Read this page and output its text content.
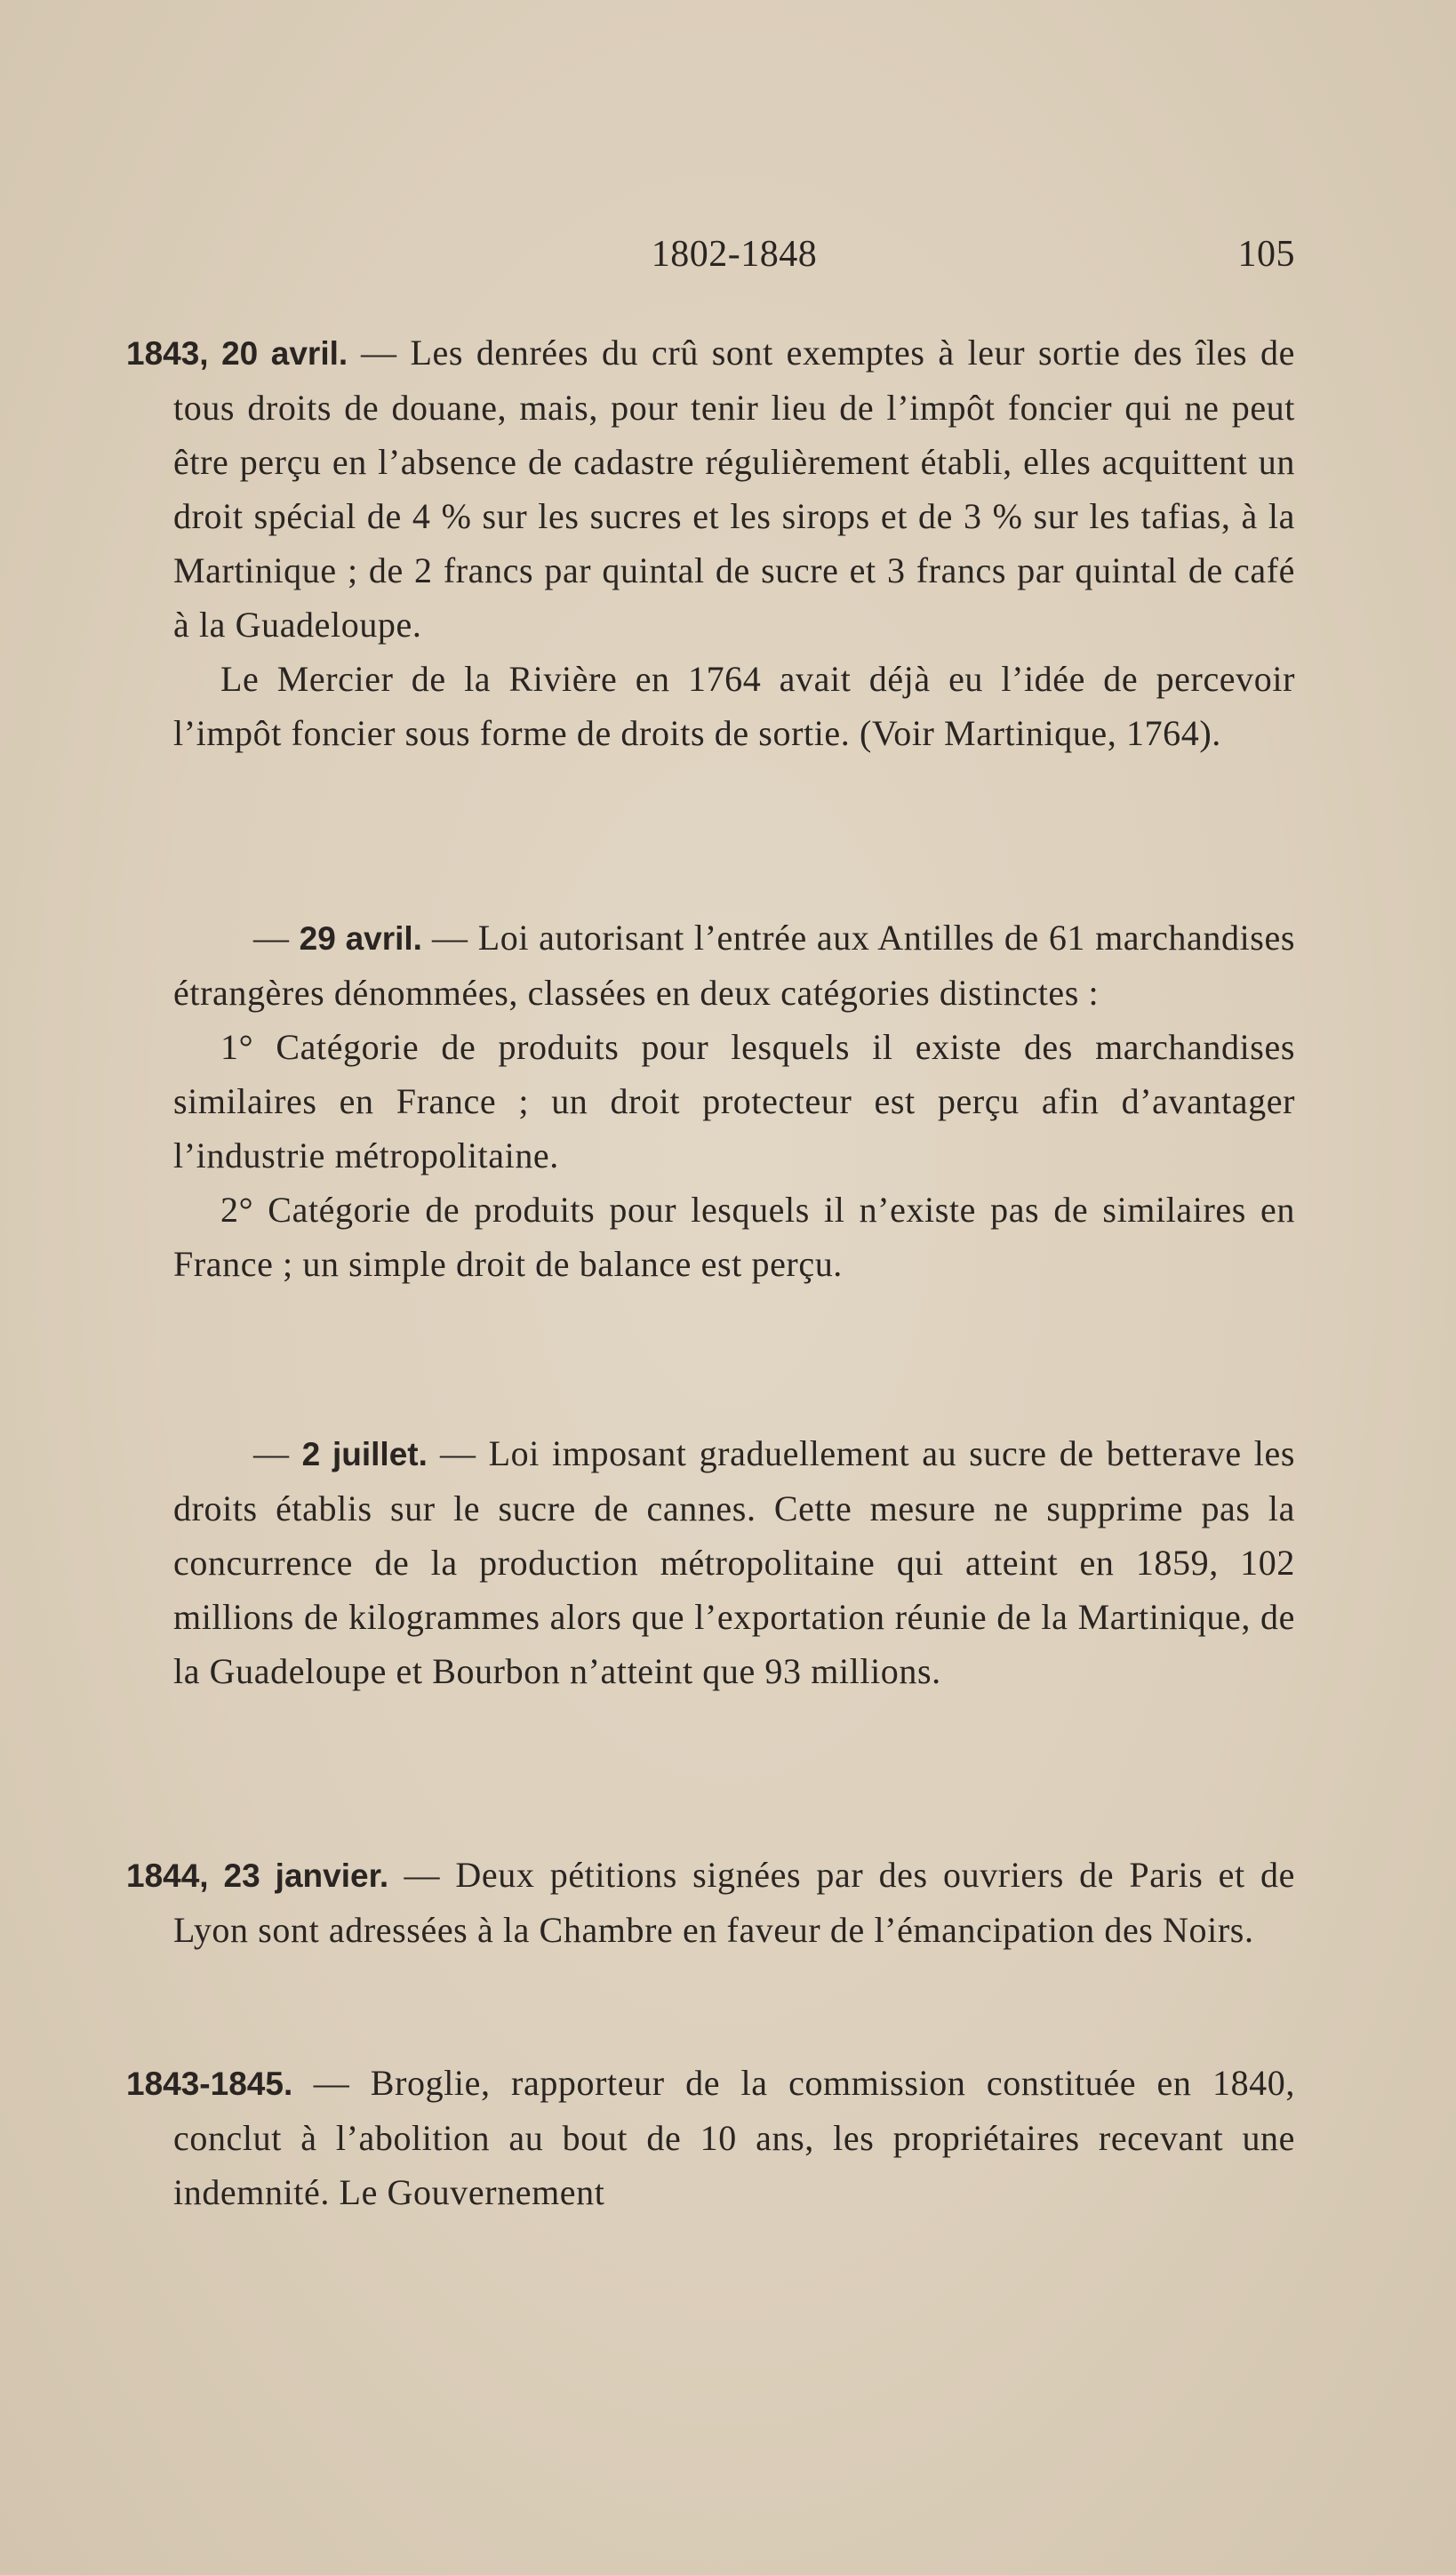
1802-1848	105

1843, 20 avril. — Les denrées du crû sont exemptes à leur sortie des îles de tous droits de douane, mais, pour tenir lieu de l’impôt foncier qui ne peut être perçu en l’absence de cadastre régulièrement établi, elles acquittent un droit spécial de 4 % sur les sucres et les sirops et de 3 % sur les tafias, à la Martinique ; de 2 francs par quintal de sucre et 3 francs par quintal de café à la Guadeloupe.

Le Mercier de la Rivière en 1764 avait déjà eu l’idée de percevoir l’impôt foncier sous forme de droits de sortie. (Voir Martinique, 1764).

— 29 avril. — Loi autorisant l’entrée aux Antilles de 61 marchandises étrangères dénommées, classées en deux catégories distinctes :

1° Catégorie de produits pour lesquels il existe des marchandises similaires en France ; un droit protecteur est perçu afin d’avantager l’industrie métropolitaine.

2° Catégorie de produits pour lesquels il n’existe pas de similaires en France ; un simple droit de balance est perçu.

— 2 juillet. — Loi imposant graduellement au sucre de betterave les droits établis sur le sucre de cannes. Cette mesure ne supprime pas la concurrence de la production métropolitaine qui atteint en 1859, 102 millions de kilogrammes alors que l’exportation réunie de la Martinique, de la Guadeloupe et Bourbon n’atteint que 93 millions.

1844, 23 janvier. — Deux pétitions signées par des ouvriers de Paris et de Lyon sont adressées à la Chambre en faveur de l’émancipation des Noirs.

1843-1845. — Broglie, rapporteur de la commission constituée en 1840, conclut à l’abolition au bout de 10 ans, les propriétaires recevant une indemnité. Le Gouvernement
